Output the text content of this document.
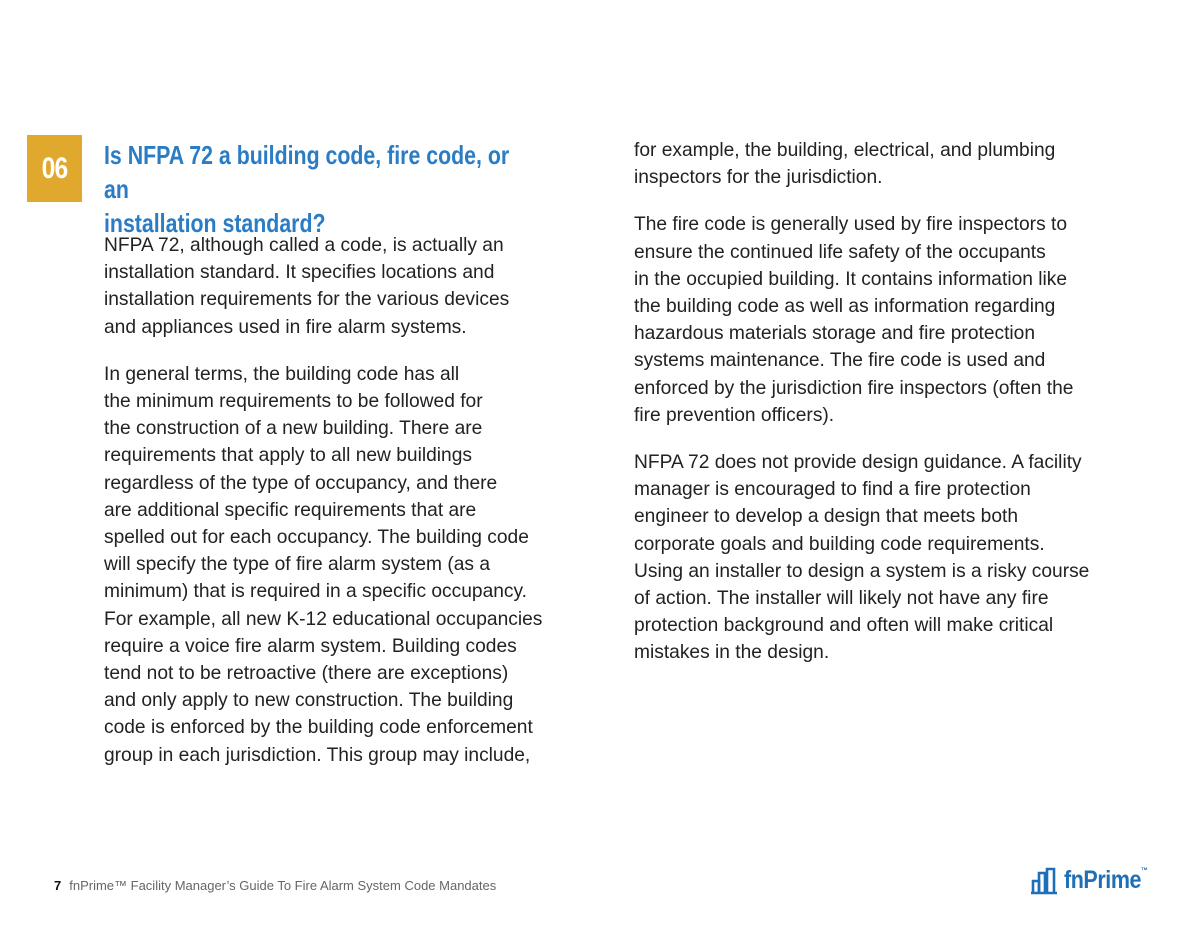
06 Is NFPA 72 a building code, fire code, or an
installation standard?

NFPA 72, although called a code, is actually an
installation standard. It specifies locations and
installation requirements for the various devices
and appliances used in fire alarm systems.

In general terms, the building code has all
the minimum requirements to be followed for
the construction of a new building. There are
requirements that apply to all new buildings
regardless of the type of occupancy, and there
are additional specific requirements that are
spelled out for each occupancy. The building code
will specify the type of fire alarm system (as a
minimum) that is required in a specific occupancy.
For example, all new K-12 educational occupancies
require a voice fire alarm system. Building codes
tend not to be retroactive (there are exceptions)
and only apply to new construction. The building
code is enforced by the building code enforcement
group in each jurisdiction. This group may include,

for example, the building, electrical, and plumbing
inspectors for the jurisdiction.

The fire code is generally used by fire inspectors to
ensure the continued life safety of the occupants
in the occupied building. It contains information like
the building code as well as information regarding
hazardous materials storage and fire protection
systems maintenance. The fire code is used and
enforced by the jurisdiction fire inspectors (often the
fire prevention officers).

NFPA 72 does not provide design guidance. A facility
manager is encouraged to find a fire protection
engineer to develop a design that meets both
corporate goals and building code requirements.
Using an installer to design a system is a risky course
of action. The installer will likely not have any fire
protection background and often will make critical
mistakes in the design.

7 fnPrime™ Facility Manager’s Guide To Fire Alarm System Code Mandates	fnPrime™
